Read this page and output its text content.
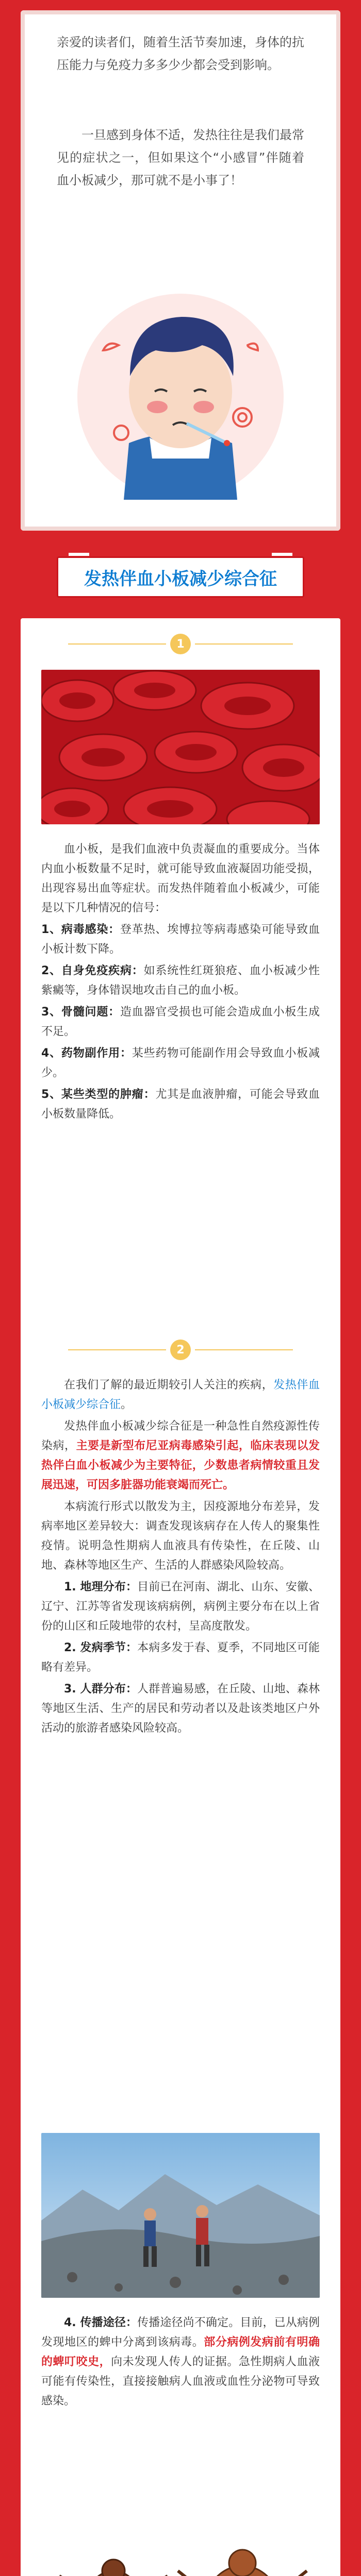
亲爱的读者们，随着生活节奏加速，身体的抗压能力与免疫力多多少少都会受到影响。

一旦感到身体不适，发热往往是我们最常见的症状之一，但如果这个“小感冒”伴随着血小板减少，那可就不是小事了！

发热伴血小板减少综合征
1

血小板，是我们血液中负责凝血的重要成分。当体内血小板数量不足时，就可能导致血液凝固功能受损，出现容易出血等症状。而发热伴随着血小板减少，可能是以下几种情况的信号：

1、病毒感染：登革热、埃博拉等病毒感染可能导致血小板计数下降。

2、自身免疫疾病：如系统性红斑狼疮、血小板减少性紫癜等，身体错误地攻击自己的血小板。

3、骨髓问题：造血器官受损也可能会造成血小板生成不足。

4、药物副作用：某些药物可能副作用会导致血小板减少。

5、某些类型的肿瘤：尤其是血液肿瘤，可能会导致血小板数量降低。

2

在我们了解的最近期较引人关注的疾病，发热伴血小板减少综合征。

发热伴血小板减少综合征是一种急性自然疫源性传染病，主要是新型布尼亚病毒感染引起，临床表现以发热伴白血小板减少为主要特征，少数患者病情较重且发展迅速，可因多脏器功能衰竭而死亡。

本病流行形式以散发为主，因疫源地分布差异，发病率地区差异较大：调查发现该病存在人传人的聚集性疫情。说明急性期病人血液具有传染性，在丘陵、山地、森林等地区生产、生活的人群感染风险较高。

1. 地理分布：目前已在河南、湖北、山东、安徽、辽宁、江苏等省发现该病病例，病例主要分布在以上省份的山区和丘陵地带的农村，呈高度散发。

2. 发病季节：本病多发于春、夏季，不同地区可能略有差异。

3. 人群分布：人群普遍易感，在丘陵、山地、森林等地区生活、生产的居民和劳动者以及赴该类地区户外活动的旅游者感染风险较高。

4. 传播途径：传播途径尚不确定。目前，已从病例发现地区的蜱中分离到该病毒。部分病例发病前有明确的蜱叮咬史，向未发现人传人的证据。急性期病人血液可能有传染性，直接接触病人血液或血性分泌物可导致感染。
